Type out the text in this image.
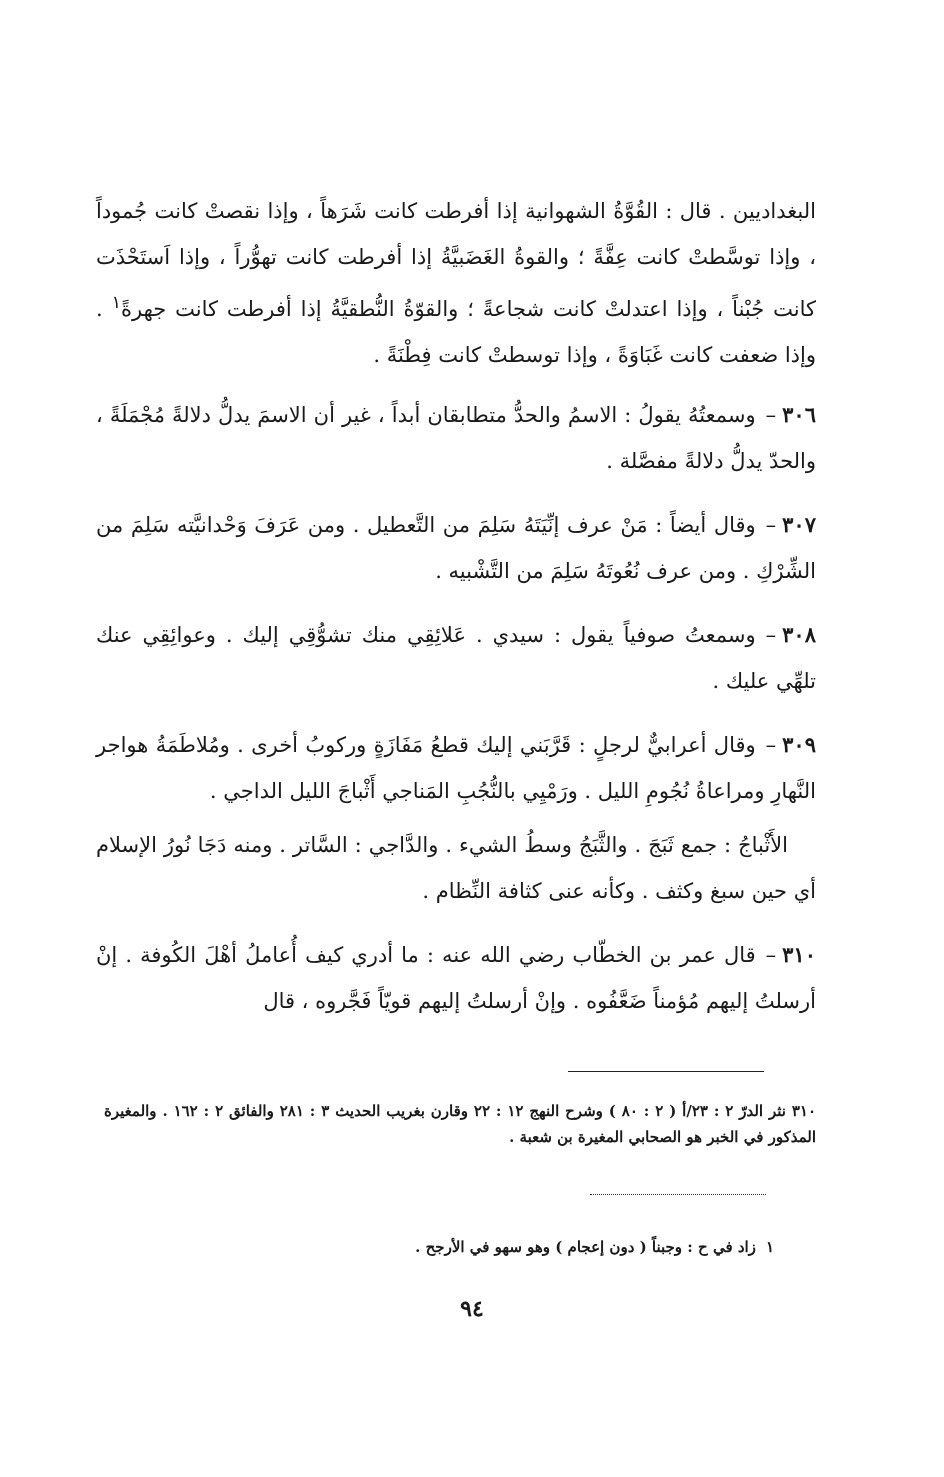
البغداديين . قال : القُوَّةُ الشهوانية إذا أفرطت كانت شَرَهاً ، وإذا نقصتْ كانت جُموداً ، وإذا توسَّطتْ كانت عِفَّةً ؛ والقوةُ الغَضَبيَّةُ إذا أفرطت كانت تهوُّراً ، وإذا اَستَحْذَت كانت جُبْناً ، وإذا اعتدلتْ كانت شجاعةً ؛ والقوّةُ النُّطقيَّةُ إذا أفرطت كانت جهرةً$^١$ . وإذا ضعفت كانت غَبَاوَةً ، وإذا توسطتْ كانت فِطْنَةً .

٣٠٦–وسمعتُهُ يقولُ : الاسمُ والحدُّ متطابقان أبداً ، غير أن الاسمَ يدلُّ دلالةً مُجْمَلَةً ، والحدّ يدلُّ دلالةً مفصَّلة .

٣٠٧–وقال أيضاً : مَنْ عرف إنِّيَتَهُ سَلِمَ من التَّعطيل . ومن عَرَفَ وَحْدانيَّته سَلِمَ من الشِّرْكِ . ومن عرف نُعُوتَهُ سَلِمَ من التَّشْبيه .

٣٠٨–وسمعتُ صوفياً يقول : سيدي . عَلائِقِي منك تشوُّقِي إليك . وعوائِقِي عنك تلهِّي عليك .

٣٠٩–وقال أعرابيٌّ لرجلٍ : قَرَّبَني إليك قطعُ مَفَازَةٍ وركوبُ أخرى . ومُلاطَمَةُ هواجر النَّهارِ ومراعاةُ نُجُومِ الليل . ورَمْيِي بالنُّجُبِ المَناجي أَثْباجَ الليل الداجي .

الأَثْباجُ : جمع ثَبَجَ . والثَّبَجُ وسطُ الشيء . والدَّاجي : السَّاتر . ومنه دَجَا نُورُ الإسلام أي حين سبغ وكثف . وكأنه عنى كثافة النِّظام .

٣١٠–قال عمر بن الخطّاب رضي الله عنه : ما أدري كيف أُعاملُ أهْلَ الكُوفة . إنْ أرسلتُ إليهم مُؤمناً ضَعَّفُوه . وإنْ أرسلتُ إليهم قويّاً فَجَّروه ، قال

٣١٠ نثر الدرّ ٢ : ٢٣/أ ( ٢ : ٨٠ ) وشرح النهج ١٢ : ٢٢ وقارن بغريب الحديث ٣ : ٢٨١ والفائق ٢ : ١٦٢ . والمغيرة المذكور في الخبر هو الصحابي المغيرة بن شعبة .
١زاد في ح : وجبناً ( دون إعجام ) وهو سهو في الأرجح .
٩٤
